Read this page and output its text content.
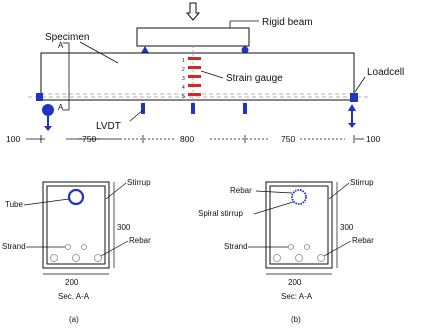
Rigid beam
Specimen
A
A
1
2
3
4
5
Strain gauge
Loadcell
LVDT
100	750	800	750	100
Tube
Stirrup
Strand
Rebar
300
200
Sec. A-A
(a)
Rebar
Spiral stirrup
Stirrup
Strand
Rebar
300
200
Sec: A-A
(b)
